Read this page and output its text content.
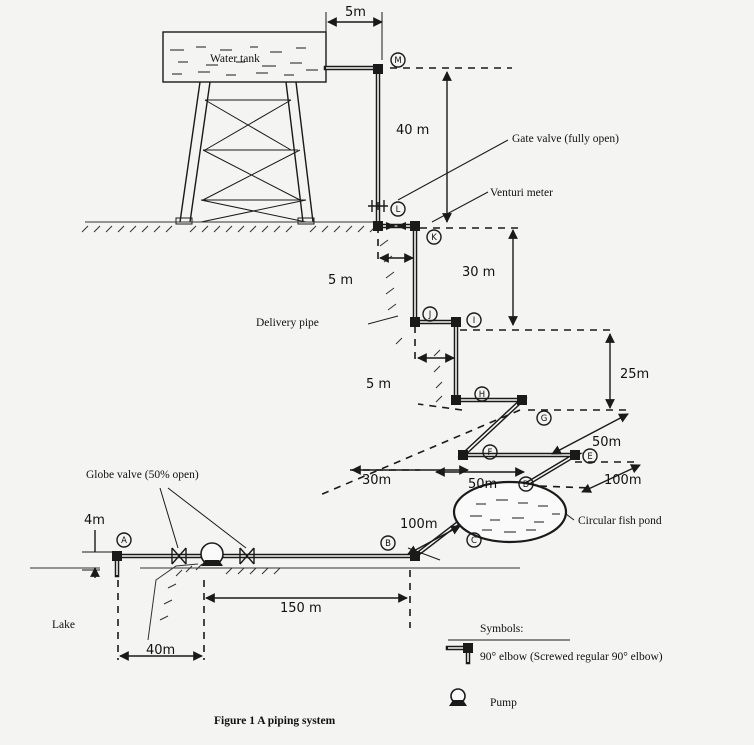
M
L
K
J
I
H
G
F	E
D
C
B
A
5m
40 m
5 m
30 m
5 m
25m
50m
100m
30m	50m
100m
4m
150 m
40m
Water tank
Gate valve (fully open)
Venturi meter
Delivery pipe
Globe valve (50% open)
Circular fish pond
Lake	Symbols:
90° elbow (Screwed regular 90° elbow)
Pump
Figure 1 A piping system
